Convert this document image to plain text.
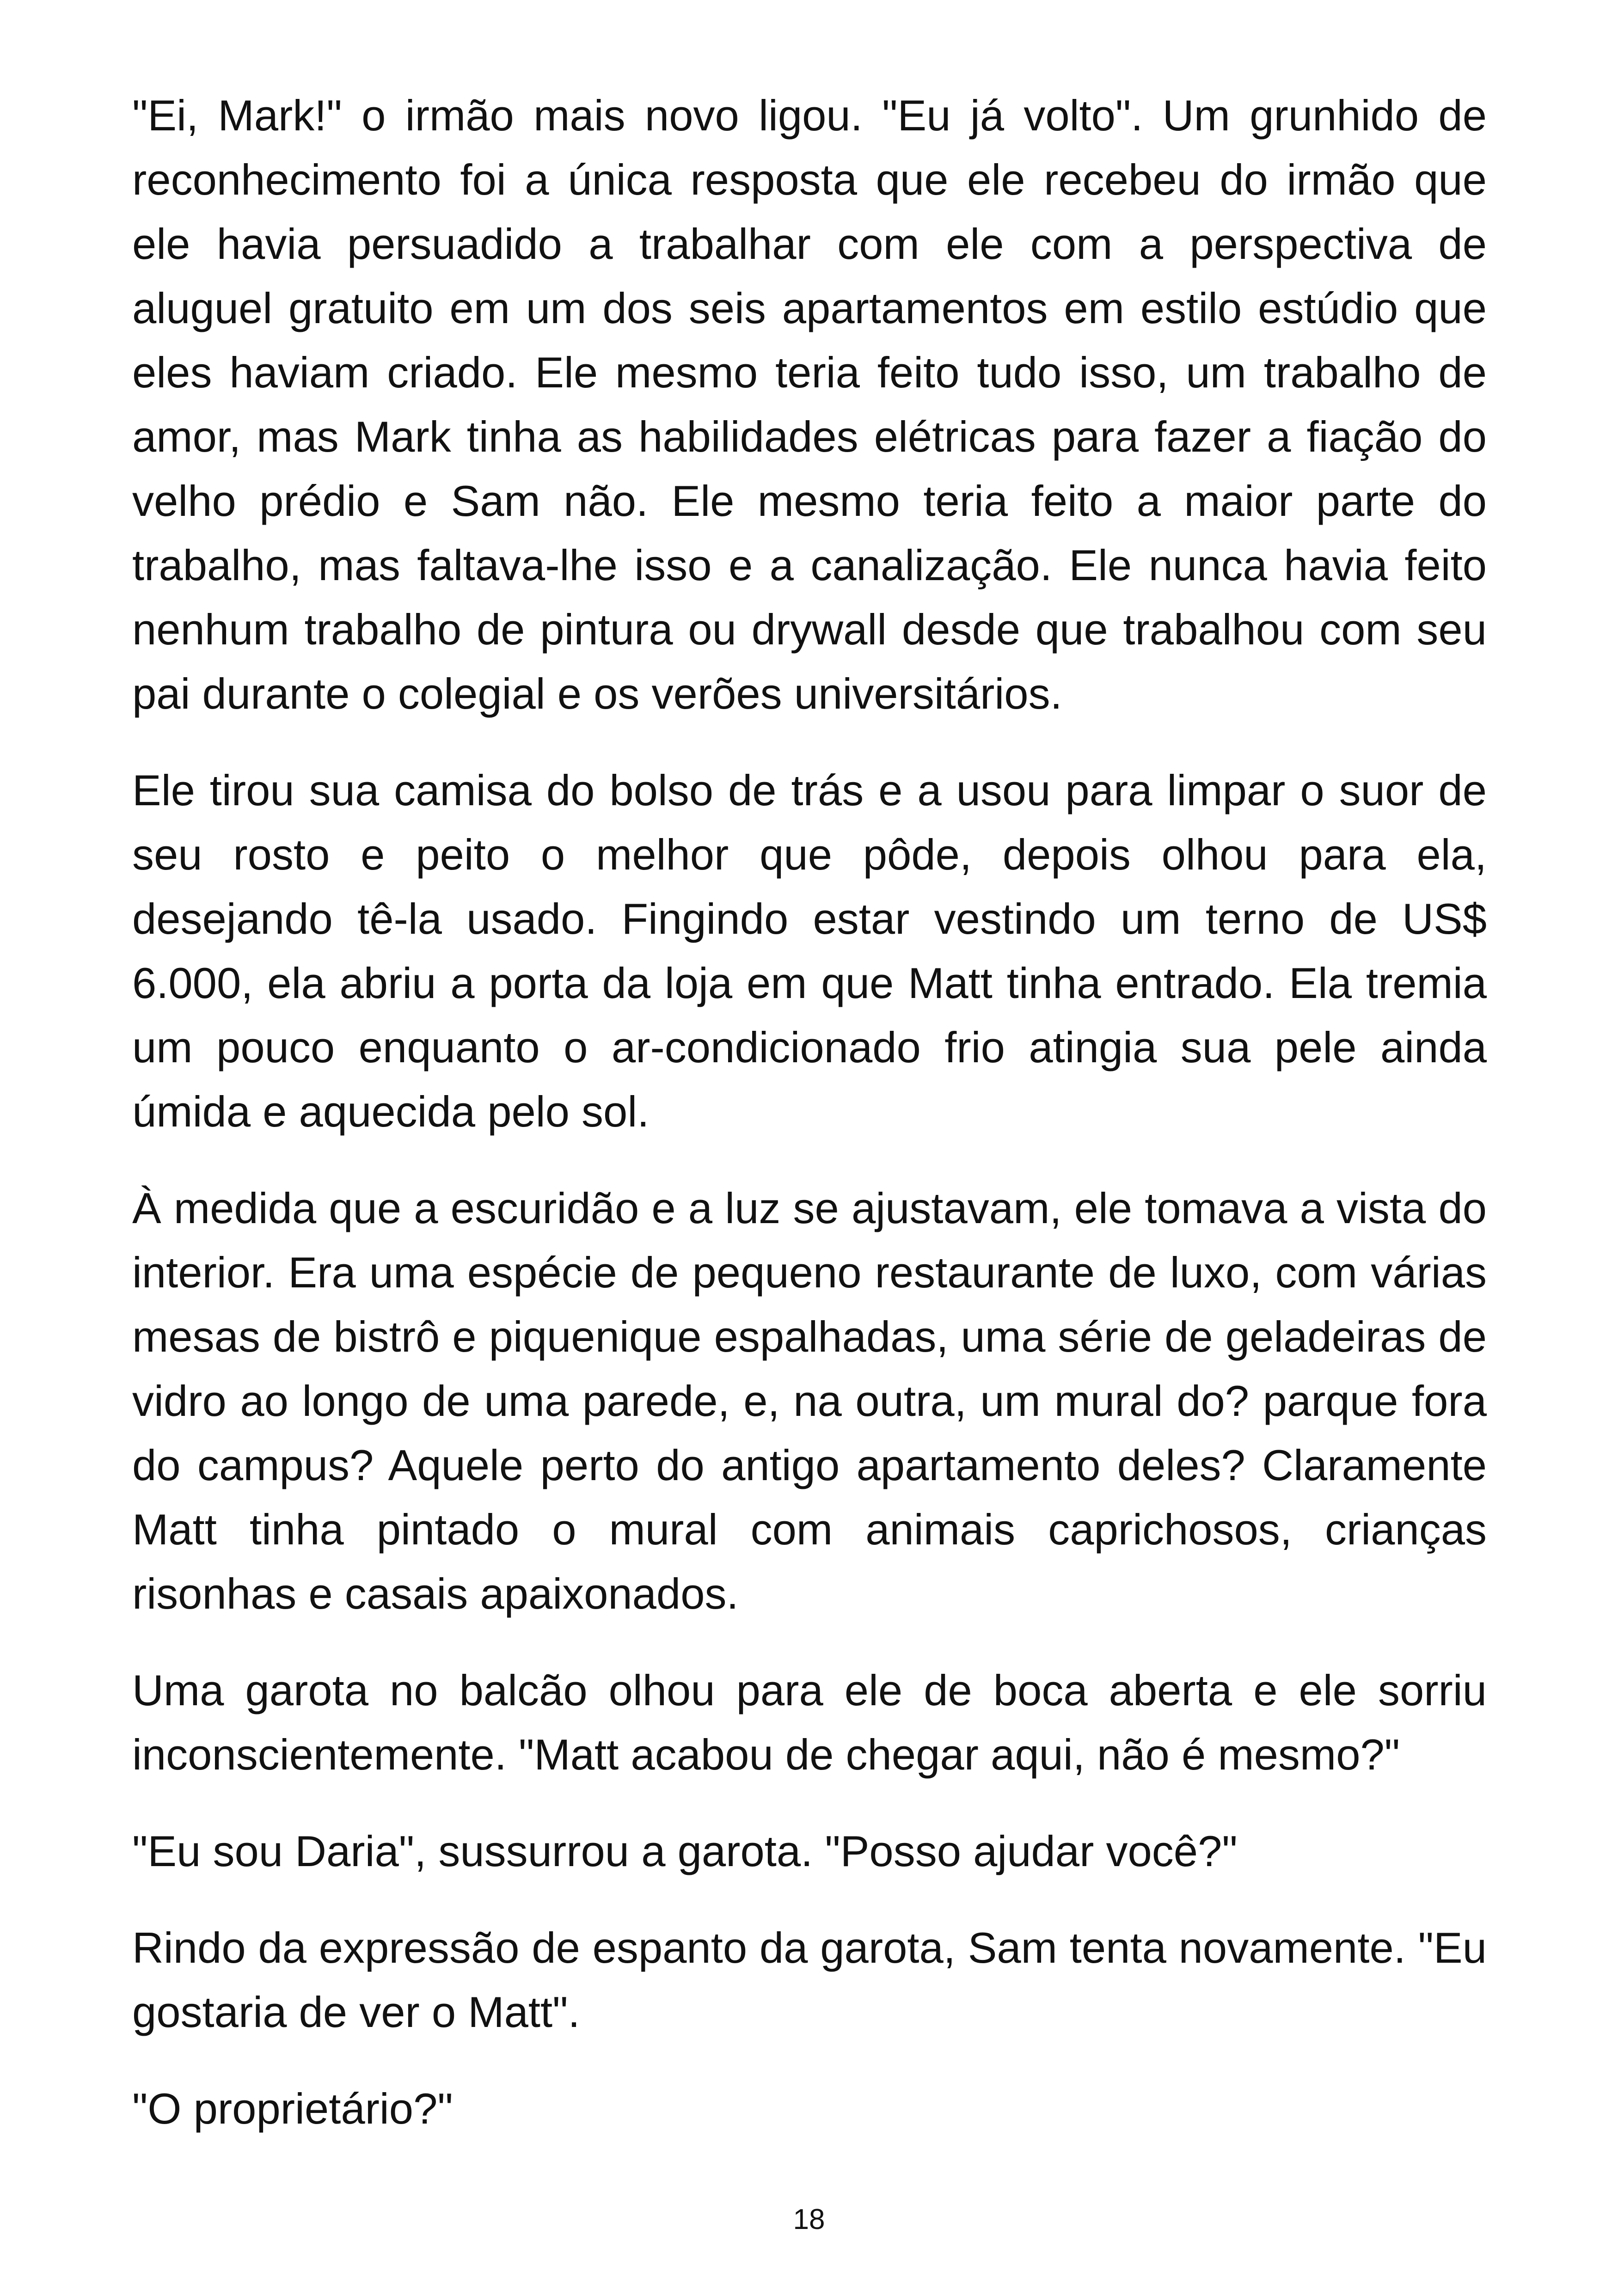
"Ei, Mark!" o irmão mais novo ligou. "Eu já volto". Um grunhido de reconhecimento foi a única resposta que ele recebeu do irmão que ele havia persuadido a trabalhar com ele com a perspectiva de aluguel gratuito em um dos seis apartamentos em estilo estúdio que eles haviam criado. Ele mesmo teria feito tudo isso, um trabalho de amor, mas Mark tinha as habilidades elétricas para fazer a fiação do velho prédio e Sam não. Ele mesmo teria feito a maior parte do trabalho, mas faltava-lhe isso e a canalização. Ele nunca havia feito nenhum trabalho de pintura ou drywall desde que trabalhou com seu pai durante o colegial e os verões universitários.

Ele tirou sua camisa do bolso de trás e a usou para limpar o suor de seu rosto e peito o melhor que pôde, depois olhou para ela, desejando tê-la usado. Fingindo estar vestindo um terno de US$ 6.000, ela abriu a porta da loja em que Matt tinha entrado. Ela tremia um pouco enquanto o ar-condicionado frio atingia sua pele ainda úmida e aquecida pelo sol.

À medida que a escuridão e a luz se ajustavam, ele tomava a vista do interior. Era uma espécie de pequeno restaurante de luxo, com várias mesas de bistrô e piquenique espalhadas, uma série de geladeiras de vidro ao longo de uma parede, e, na outra, um mural do? parque fora do campus? Aquele perto do antigo apartamento deles? Claramente Matt tinha pintado o mural com animais caprichosos, crianças risonhas e casais apaixonados.

Uma garota no balcão olhou para ele de boca aberta e ele sorriu inconscientemente. "Matt acabou de chegar aqui, não é mesmo?"

"Eu sou Daria", sussurrou a garota. "Posso ajudar você?"

Rindo da expressão de espanto da garota, Sam tenta novamente. "Eu gostaria de ver o Matt".

"O proprietário?"

18
